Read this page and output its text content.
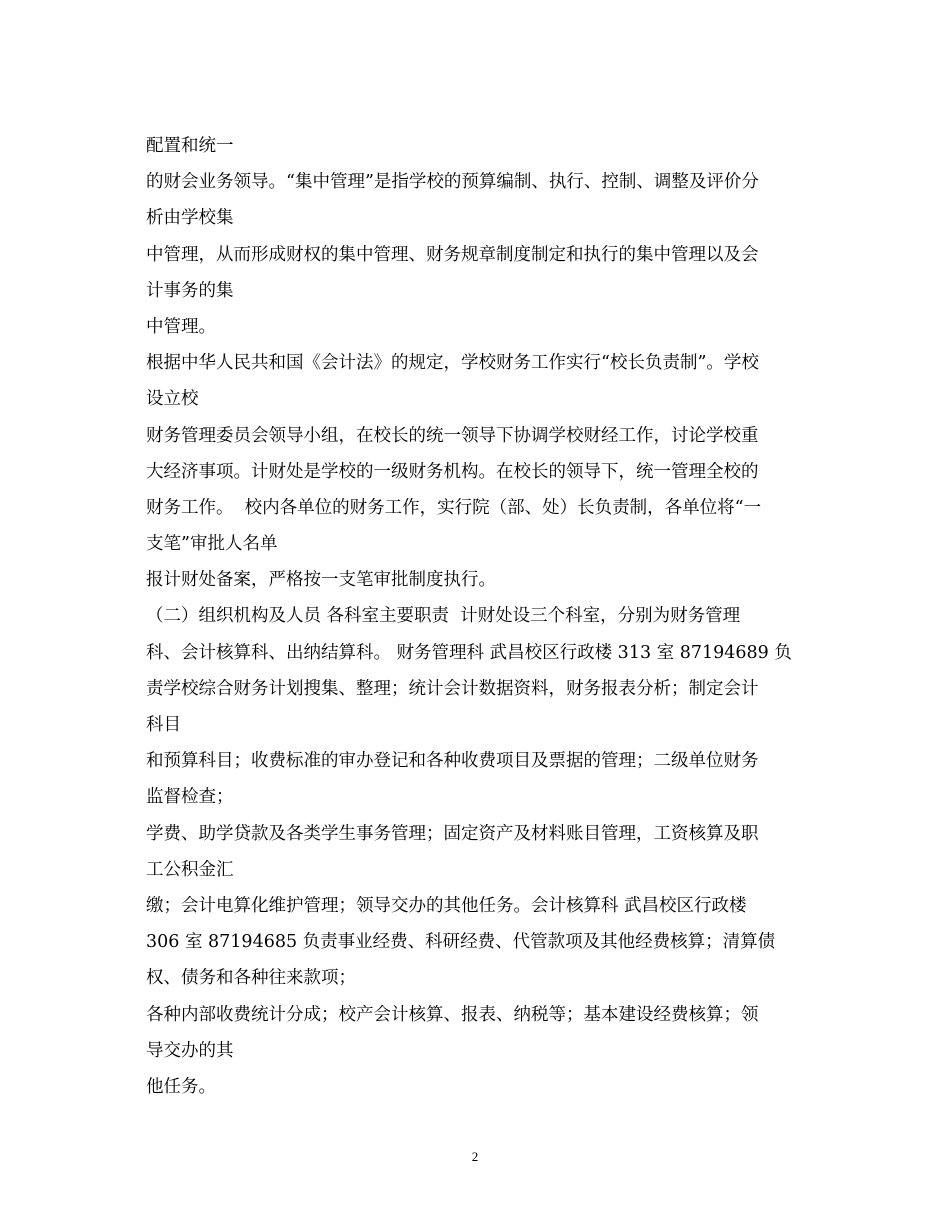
配置和统一
的财会业务领导。“集中管理”是指学校的预算编制、执行、控制、调整及评价分
析由学校集
中管理，从而形成财权的集中管理、财务规章制度制定和执行的集中管理以及会
计事务的集
中管理。
根据中华人民共和国《会计法》的规定，学校财务工作实行“校长负责制”。学校
设立校
财务管理委员会领导小组，在校长的统一领导下协调学校财经工作，讨论学校重
大经济事项。计财处是学校的一级财务机构。在校长的领导下，统一管理全校的
财务工作。  校内各单位的财务工作，实行院（部、处）长负责制，各单位将“一
支笔”审批人名单
报计财处备案，严格按一支笔审批制度执行。
（二）组织机构及人员 各科室主要职责  计财处设三个科室，分别为财务管理
科、会计核算科、出纳结算科。 财务管理科 武昌校区行政楼 313 室 87194689 负
责学校综合财务计划搜集、整理；统计会计数据资料，财务报表分析；制定会计
科目
和预算科目；收费标准的审办登记和各种收费项目及票据的管理；二级单位财务
监督检查；
学费、助学贷款及各类学生事务管理；固定资产及材料账目管理，工资核算及职
工公积金汇
缴；会计电算化维护管理；领导交办的其他任务。会计核算科 武昌校区行政楼
306 室 87194685 负责事业经费、科研经费、代管款项及其他经费核算；清算债
权、债务和各种往来款项；
各种内部收费统计分成；校产会计核算、报表、纳税等；基本建设经费核算；领
导交办的其
他任务。
2
